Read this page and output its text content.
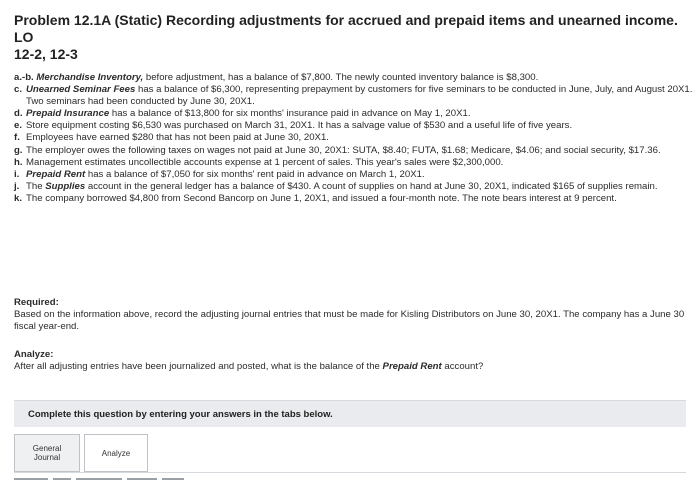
Problem 12.1A (Static) Recording adjustments for accrued and prepaid items and unearned income. LO
12-2, 12-3
a.-b. Merchandise Inventory, before adjustment, has a balance of $7,800. The newly counted inventory balance is $8,300.
c. Unearned Seminar Fees has a balance of $6,300, representing prepayment by customers for five seminars to be conducted in June, July, and August 20X1. Two seminars had been conducted by June 30, 20X1.
d. Prepaid Insurance has a balance of $13,800 for six months' insurance paid in advance on May 1, 20X1.
e. Store equipment costing $6,530 was purchased on March 31, 20X1. It has a salvage value of $530 and a useful life of five years.
f. Employees have earned $280 that has not been paid at June 30, 20X1.
g. The employer owes the following taxes on wages not paid at June 30, 20X1: SUTA, $8.40; FUTA, $1.68; Medicare, $4.06; and social security, $17.36.
h. Management estimates uncollectible accounts expense at 1 percent of sales. This year's sales were $2,300,000.
i. Prepaid Rent has a balance of $7,050 for six months' rent paid in advance on March 1, 20X1.
j. The Supplies account in the general ledger has a balance of $430. A count of supplies on hand at June 30, 20X1, indicated $165 of supplies remain.
k. The company borrowed $4,800 from Second Bancorp on June 1, 20X1, and issued a four-month note. The note bears interest at 9 percent.
Required:
Based on the information above, record the adjusting journal entries that must be made for Kisling Distributors on June 30, 20X1. The company has a June 30 fiscal year-end.
Analyze:
After all adjusting entries have been journalized and posted, what is the balance of the Prepaid Rent account?
Complete this question by entering your answers in the tabs below.
General
Journal	Analyze
